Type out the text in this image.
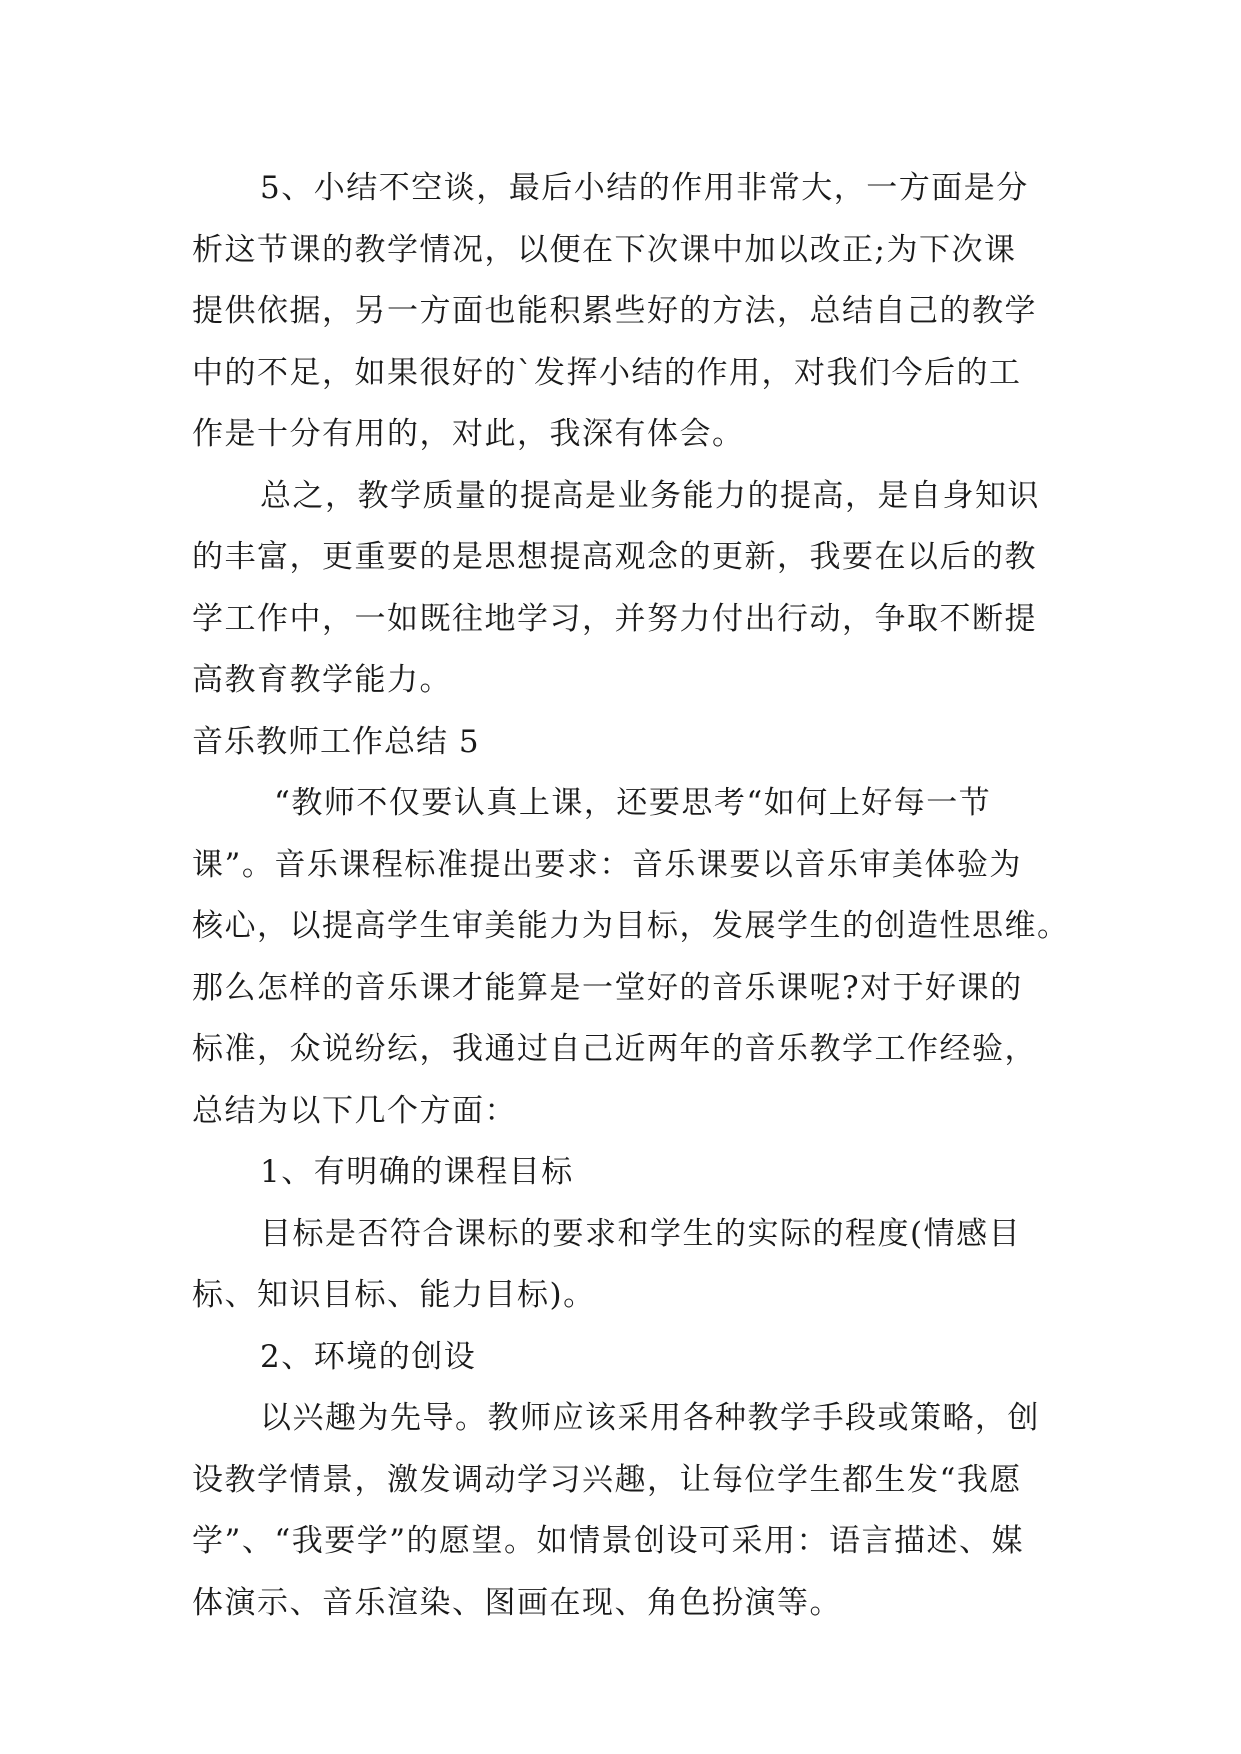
5、小结不空谈，最后小结的作用非常大，一方面是分
析这节课的教学情况，以便在下次课中加以改正;为下次课
提供依据，另一方面也能积累些好的方法，总结自己的教学
中的不足，如果很好的`发挥小结的作用，对我们今后的工
作是十分有用的，对此，我深有体会。
总之，教学质量的提高是业务能力的提高，是自身知识
的丰富，更重要的是思想提高观念的更新，我要在以后的教
学工作中，一如既往地学习，并努力付出行动，争取不断提
高教育教学能力。
音乐教师工作总结 5
“教师不仅要认真上课，还要思考“如何上好每一节
课”。音乐课程标准提出要求：音乐课要以音乐审美体验为
核心，以提高学生审美能力为目标，发展学生的创造性思维。
那么怎样的音乐课才能算是一堂好的音乐课呢?对于好课的
标准，众说纷纭，我通过自己近两年的音乐教学工作经验，
总结为以下几个方面：
1、有明确的课程目标
目标是否符合课标的要求和学生的实际的程度(情感目
标、知识目标、能力目标)。
2、环境的创设
以兴趣为先导。教师应该采用各种教学手段或策略，创
设教学情景，激发调动学习兴趣，让每位学生都生发“我愿
学”、“我要学”的愿望。如情景创设可采用：语言描述、媒
体演示、音乐渲染、图画在现、角色扮演等。
